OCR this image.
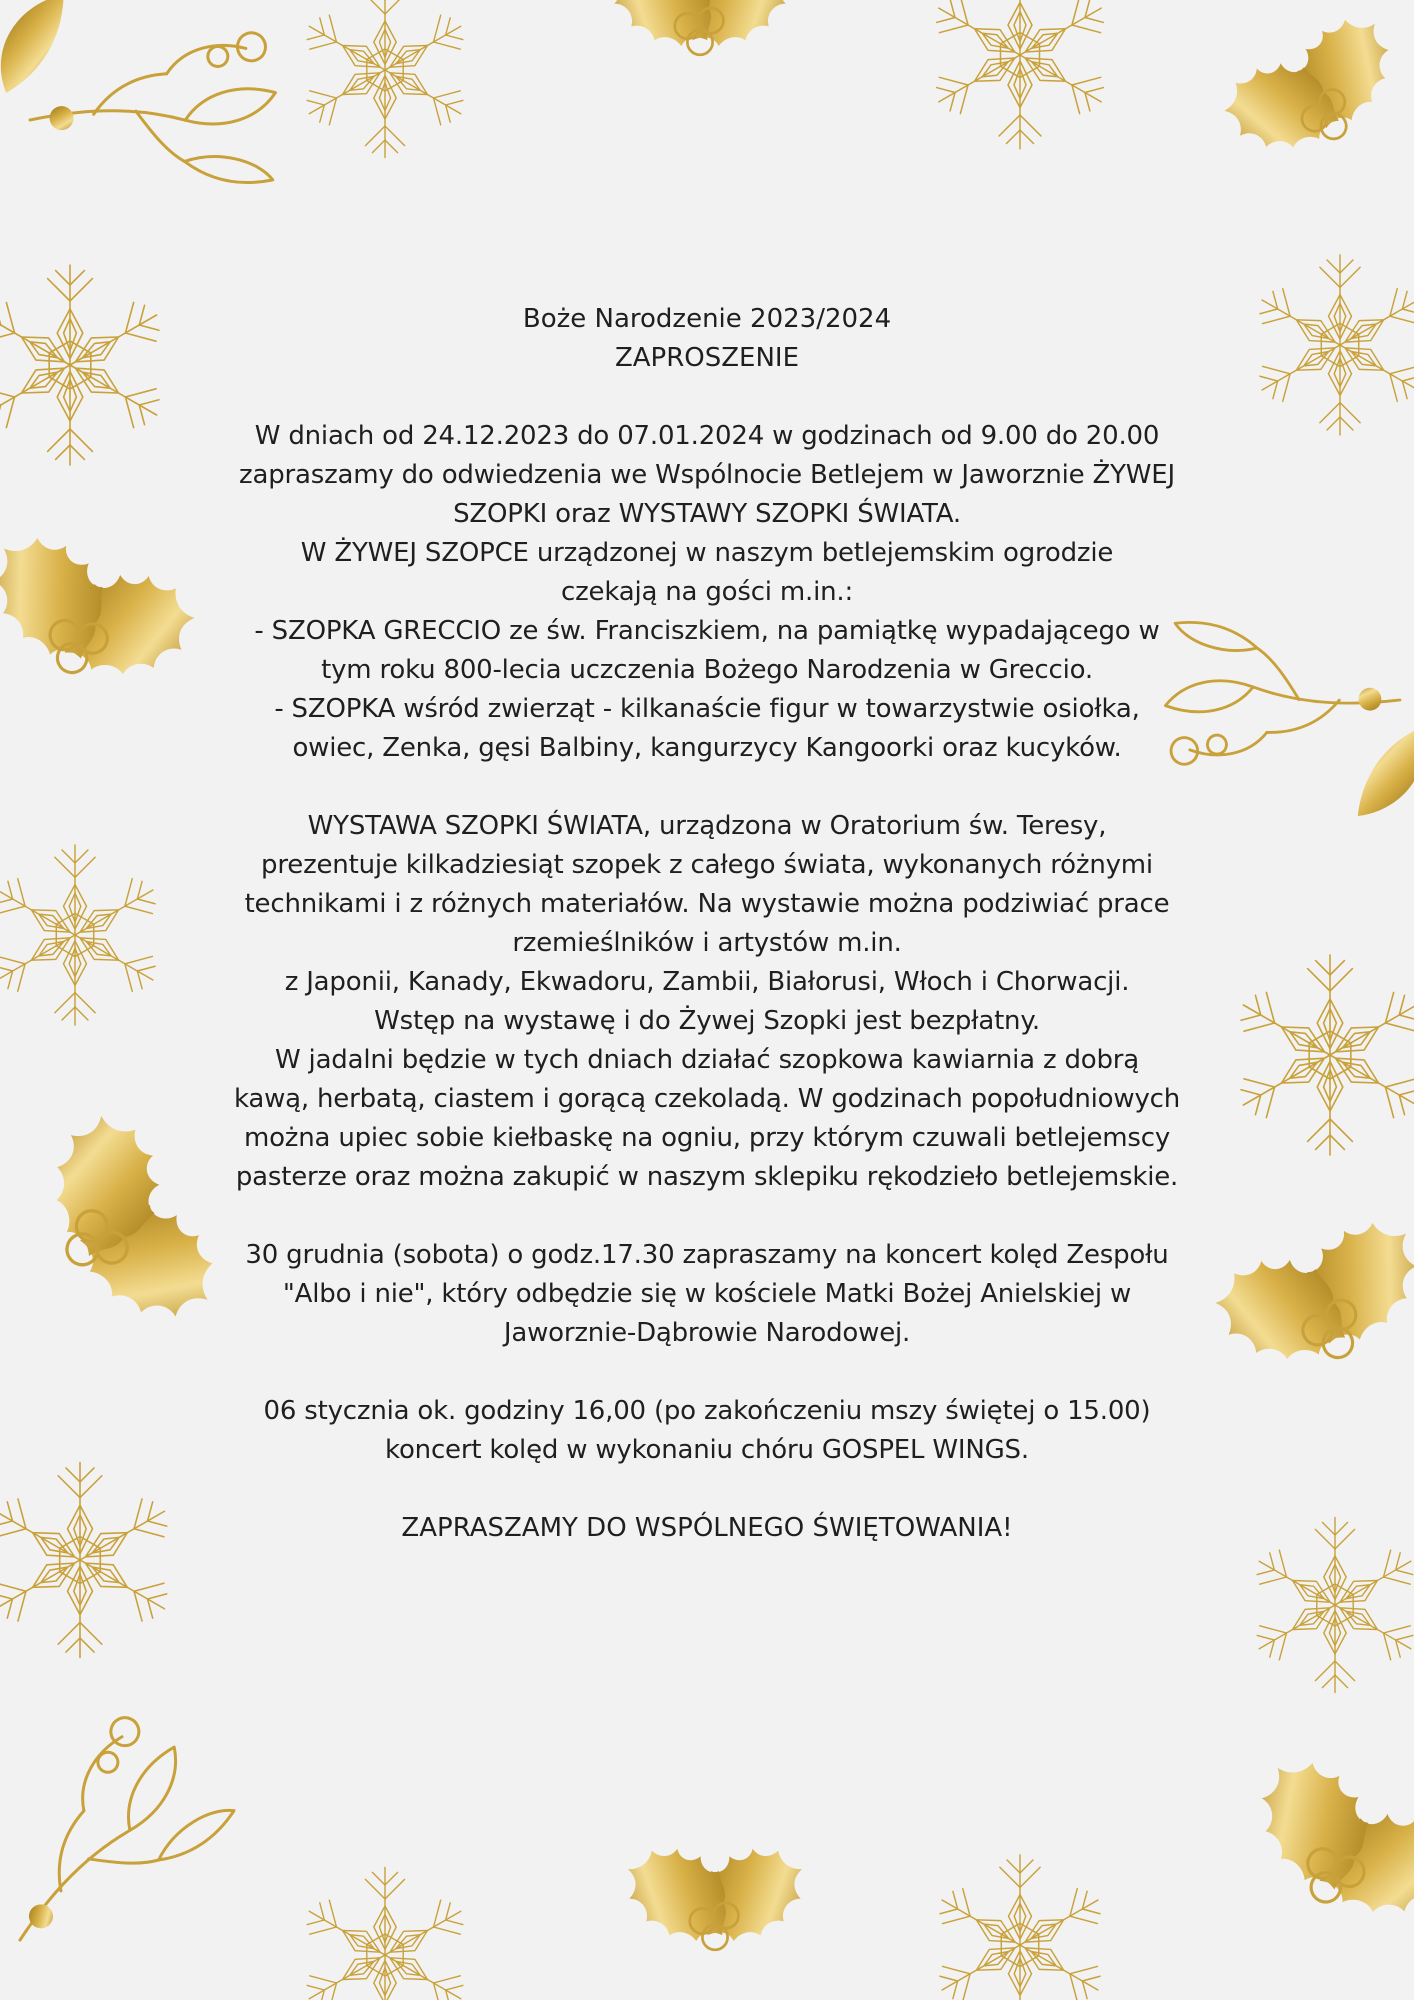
Boże Narodzenie 2023/2024

ZAPROSZENIE

W dniach od 24.12.2023 do 07.01.2024 w godzinach od 9.00 do 20.00

zapraszamy do odwiedzenia we Wspólnocie Betlejem w Jaworznie ŻYWEJ

SZOPKI oraz WYSTAWY SZOPKI ŚWIATA.

W ŻYWEJ SZOPCE urządzonej w naszym betlejemskim ogrodzie

czekają na gości m.in.:

- SZOPKA GRECCIO ze św. Franciszkiem, na pamiątkę wypadającego w

tym roku 800-lecia uczczenia Bożego Narodzenia w Greccio.

- SZOPKA wśród zwierząt - kilkanaście figur w towarzystwie osiołka,

owiec, Zenka, gęsi Balbiny, kangurzycy Kangoorki oraz kucyków.

WYSTAWA SZOPKI ŚWIATA, urządzona w Oratorium św. Teresy,

prezentuje kilkadziesiąt szopek z całego świata, wykonanych różnymi

technikami i z różnych materiałów. Na wystawie można podziwiać prace

rzemieślników i artystów m.in.

z Japonii, Kanady, Ekwadoru, Zambii, Białorusi, Włoch i Chorwacji.

Wstęp na wystawę i do Żywej Szopki jest bezpłatny.

W jadalni będzie w tych dniach działać szopkowa kawiarnia z dobrą

kawą, herbatą, ciastem i gorącą czekoladą. W godzinach popołudniowych

można upiec sobie kiełbaskę na ogniu, przy którym czuwali betlejemscy

pasterze oraz można zakupić w naszym sklepiku rękodzieło betlejemskie.

30 grudnia (sobota) o godz.17.30 zapraszamy na koncert kolęd Zespołu

"Albo i nie", który odbędzie się w kościele Matki Bożej Anielskiej w

Jaworznie-Dąbrowie Narodowej.

06 stycznia ok. godziny 16,00 (po zakończeniu mszy świętej o 15.00)

koncert kolęd w wykonaniu chóru GOSPEL WINGS.

ZAPRASZAMY DO WSPÓLNEGO ŚWIĘTOWANIA!
